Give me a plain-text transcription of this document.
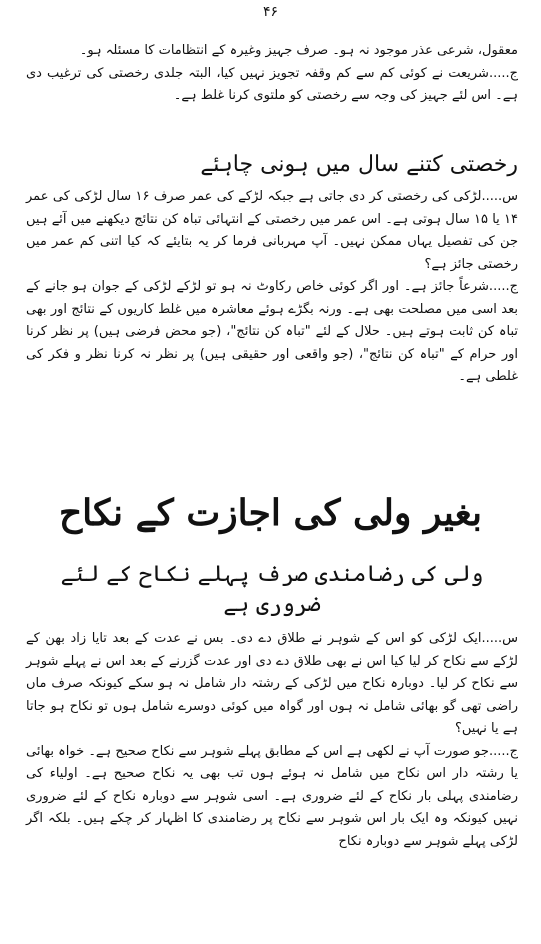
۴۶

معقول، شرعی عذر موجود نہ ہو۔ صرف جہیز وغیرہ کے انتظامات کا مسئلہ ہو۔

ج.....شریعت نے کوئی کم سے کم وقفہ تجویز نہیں کیا، البتہ جلدی رخصتی کی ترغیب دی ہے۔ اس لئے جہیز کی وجہ سے رخصتی کو ملتوی کرنا غلط ہے۔

رخصتی کتنے سال میں ہونی چاہئے

س.....لڑکی کی رخصتی کر دی جاتی ہے جبکہ لڑکے کی عمر صرف ۱۶ سال لڑکی کی عمر ۱۴ یا ۱۵ سال ہوتی ہے۔ اس عمر میں رخصتی کے انتہائی تباہ کن نتائج دیکھنے میں آئے ہیں جن کی تفصیل یہاں ممکن نہیں۔ آپ مہربانی فرما کر یہ بتایئے کہ کیا اتنی کم عمر میں رخصتی جائز ہے؟

ج.....شرعاً جائز ہے۔ اور اگر کوئی خاص رکاوٹ نہ ہو تو لڑکے لڑکی کے جوان ہو جانے کے بعد اسی میں مصلحت بھی ہے۔ ورنہ بگڑے ہوئے معاشرہ میں غلط کاریوں کے نتائج اور بھی تباہ کن ثابت ہوتے ہیں۔ حلال کے لئے "تباہ کن نتائج"، (جو محض فرضی ہیں) پر نظر کرنا اور حرام کے "تباہ کن نتائج"، (جو واقعی اور حقیقی ہیں) پر نظر نہ کرنا نظر و فکر کی غلطی ہے۔

بغیر ولی کی اجازت کے نکاح

ولی کی رضامندی صرف پہلے نکاح کے لئے ضروری ہے

س.....ایک لڑکی کو اس کے شوہر نے طلاق دے دی۔ بس نے عدت کے بعد تایا زاد بھن کے لڑکے سے نکاح کر لیا کیا اس نے بھی طلاق دے دی اور عدت گزرنے کے بعد اس نے پہلے شوہر سے نکاح کر لیا۔ دوبارہ نکاح میں لڑکی کے رشتہ دار شامل نہ ہو سکے کیونکہ صرف ماں راضی تھی گو بھائی شامل نہ ہوں اور گواہ میں کوئی دوسرے شامل ہوں تو نکاح ہو جاتا ہے یا نہیں؟

ج.....جو صورت آپ نے لکھی ہے اس کے مطابق پہلے شوہر سے نکاح صحیح ہے۔ خواہ بھائی یا رشتہ دار اس نکاح میں شامل نہ ہوئے ہوں تب بھی یہ نکاح صحیح ہے۔ اولیاء کی رضامندی پہلی بار نکاح کے لئے ضروری ہے۔ اسی شوہر سے دوبارہ نکاح کے لئے ضروری نہیں کیونکہ وہ ایک بار اس شوہر سے نکاح پر رضامندی کا اظہار کر چکے ہیں۔ بلکہ اگر لڑکی پہلے شوہر سے دوبارہ نکاح
